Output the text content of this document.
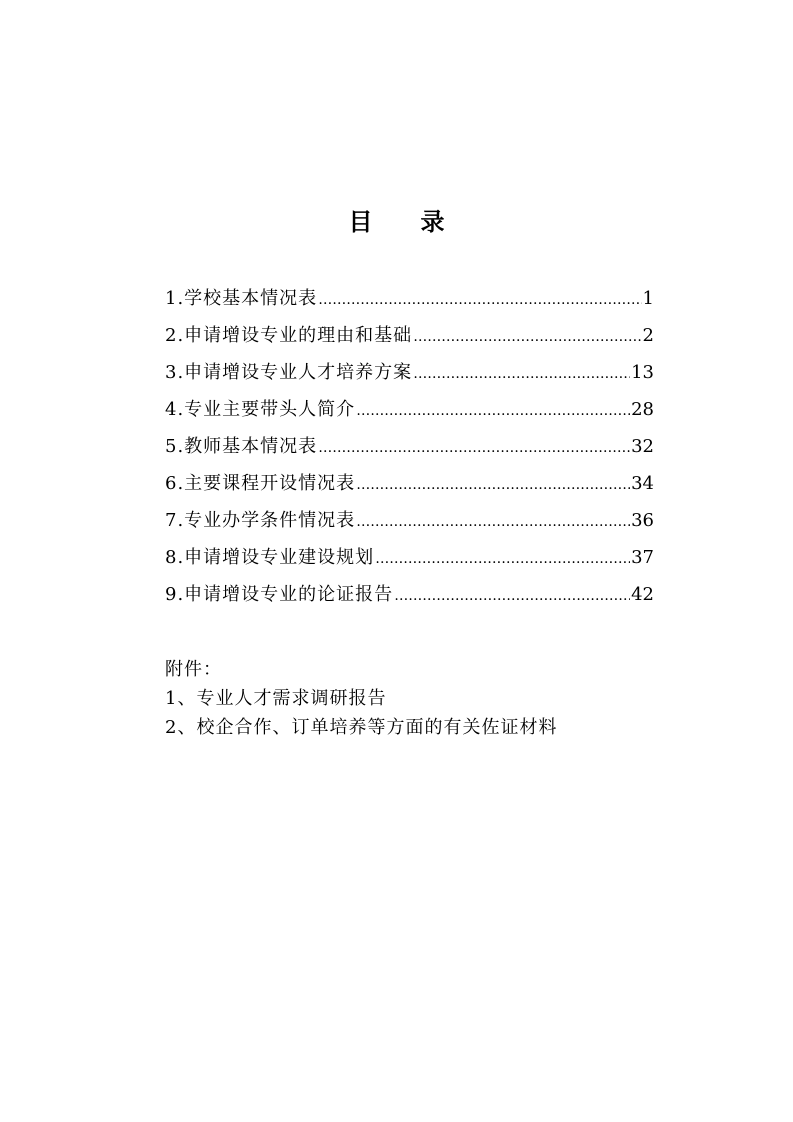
目 录
1.学校基本情况表 ………………………………………………………………………………………………………………………………………………………………	1
2.申请增设专业的理由和基础 ………………………………………………………………………………………………………………………………………………………………	2
3.申请增设专业人才培养方案 ………………………………………………………………………………………………………………………………………………………………	13
4.专业主要带头人简介 ………………………………………………………………………………………………………………………………………………………………	28
5.教师基本情况表 ………………………………………………………………………………………………………………………………………………………………	32
6.主要课程开设情况表 ………………………………………………………………………………………………………………………………………………………………	34
7.专业办学条件情况表 ………………………………………………………………………………………………………………………………………………………………	36
8.申请增设专业建设规划 ………………………………………………………………………………………………………………………………………………………………	37
9.申请增设专业的论证报告 ………………………………………………………………………………………………………………………………………………………………	42
附件：
1、专业人才需求调研报告
2、校企合作、订单培养等方面的有关佐证材料
